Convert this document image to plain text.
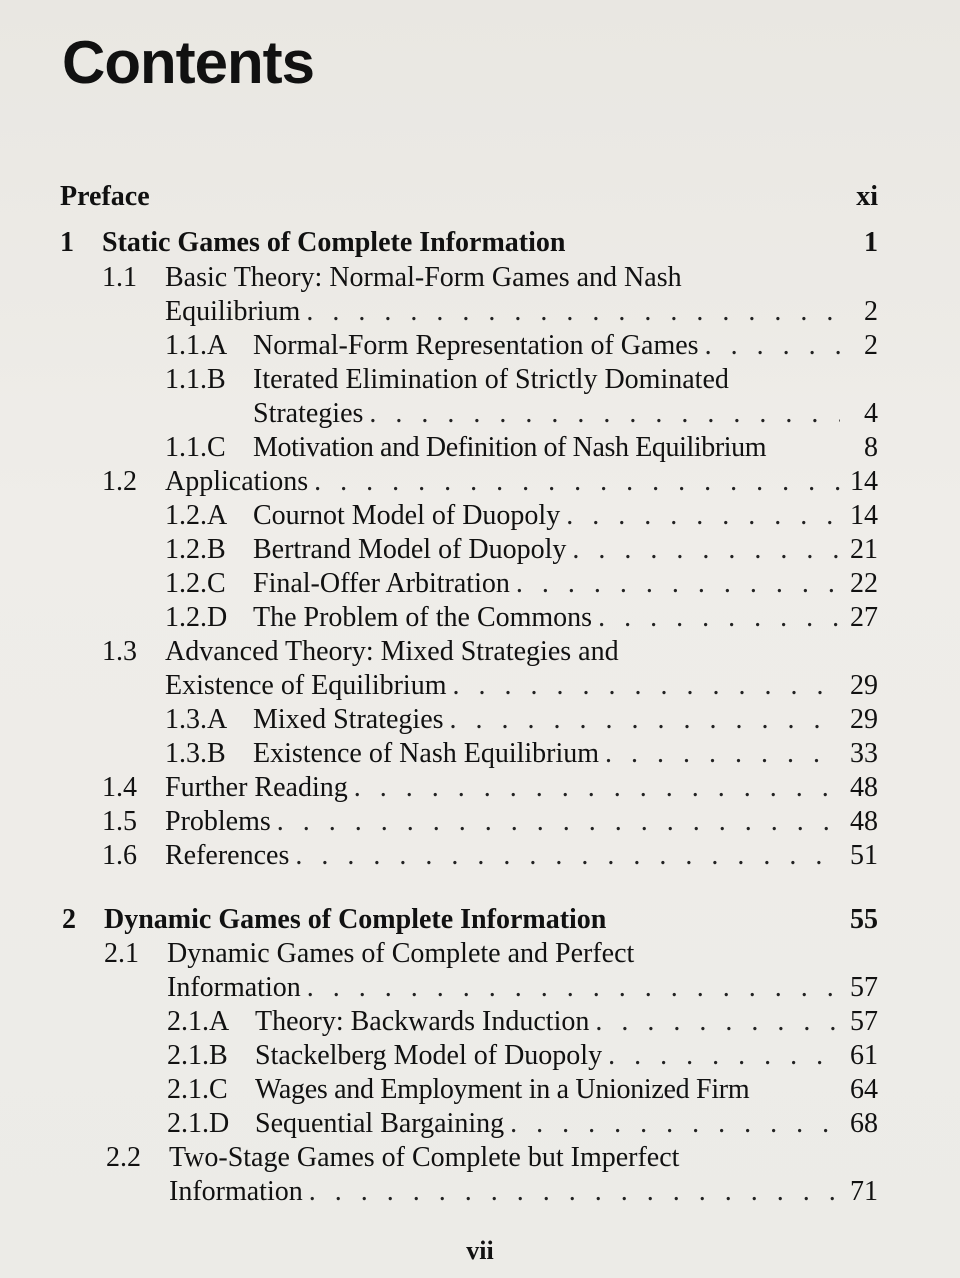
Contents
Preface	xi
1	Static Games of Complete Information	1
1.1 Basic Theory: Normal-Form Games and Nash
Equilibrium . . .	2
1.1.A Normal-Form Representation of Games . . .	2
1.1.B Iterated Elimination of Strictly Dominated
Strategies . . .	4
1.1.C Motivation and Definition of Nash Equilibrium	8
1.2	Applications . . .	14
1.2.A Cournot Model of Duopoly . . .	14
1.2.B Bertrand Model of Duopoly . . .	21
1.2.C Final-Offer Arbitration . . .	22
1.2.D The Problem of the Commons . . .	27
1.3 Advanced Theory: Mixed Strategies and
Existence of Equilibrium . . .	29
1.3.A Mixed Strategies . . .	29
1.3.B Existence of Nash Equilibrium . . .	33
1.4	Further Reading . . .	48
1.5	Problems . . .	48
1.6	References . . .	51
2	Dynamic Games of Complete Information	55
2.1 Dynamic Games of Complete and Perfect
Information . . .	57
2.1.A Theory: Backwards Induction . . .	57
2.1.B Stackelberg Model of Duopoly . . .	61
2.1.C Wages and Employment in a Unionized Firm	64
2.1.D Sequential Bargaining . . .	68
2.2 Two-Stage Games of Complete but Imperfect
Information . . .	71
vii
